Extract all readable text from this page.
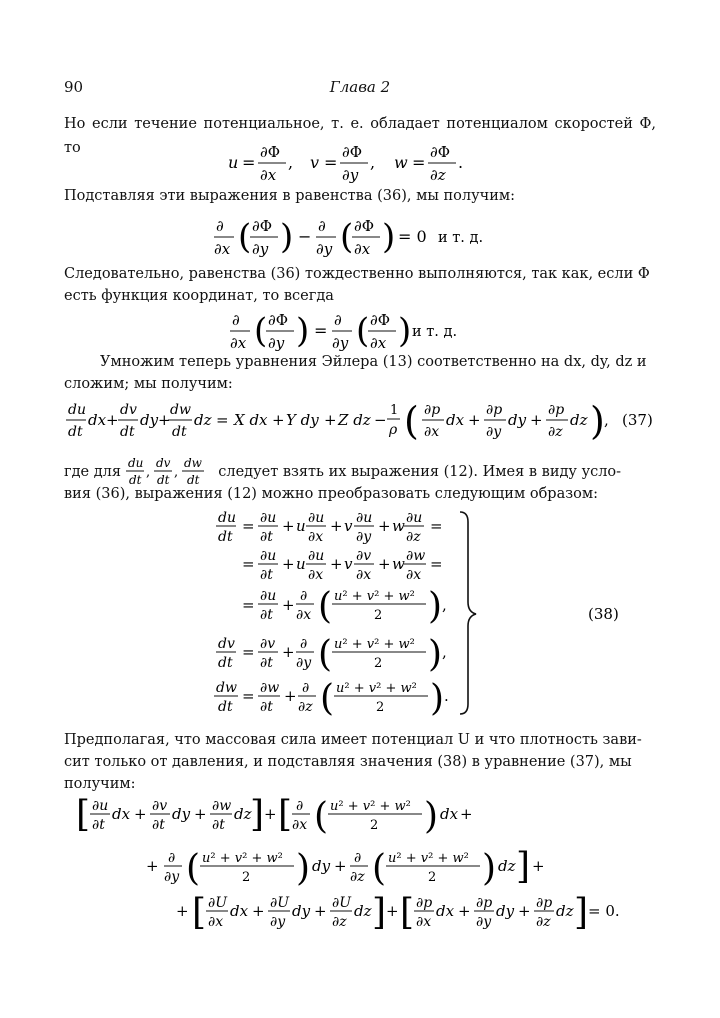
90	Глава 2
Но если течение потенциальное, т. е. обладает потенциалом скоростей Φ, то
u =
∂Φ
∂x
, v =
∂Φ
∂y
, w =
∂Φ
∂z
.
Подставляя эти выражения в равенства (36), мы получим:
∂
∂x ( ∂Φ
∂y ) −
∂
∂y ( ∂Φ
∂x ) = 0 и т. д.
Следовательно, равенства (36) тождественно выполняются, так как, если Φ
есть функция координат, то всегда
∂
∂x ( ∂Φ
∂y ) =
∂
∂y ( ∂Φ
∂x ) и т. д.
Умножим теперь уравнения Эйлера (13) соответственно на dx, dy, dz и
сложим; мы получим:
du
dt
dx +
dv
dt
dy +
dw
dt
dz = X dx + Y dy + Z dz −
1
ρ ( ∂p
∂x
dx +
∂p
∂y
dy +
∂p
∂z
dz ) , (37)
где для
du
dt ,
dv
dt ,
dw
dt следует взять их выражения (12). Имея в виду усло-
вия (36), выражения (12) можно преобразовать следующим образом:
du
dt
= ∂u
∂t
+ u ∂u
∂x
+ v ∂u
∂y
+ w ∂u
∂z
=
= ∂u
∂t
+ u ∂u
∂x
+ v ∂v
∂x
+ w ∂w
∂x
=
= ∂u
∂t
+ ∂
∂x ( u² + v² + w²
2 ) ,
dv
dt
= ∂v
∂t
+ ∂
∂y ( u² + v² + w²
2 ) ,
dw
dt
= ∂w
∂t
+ ∂
∂z ( u² + v² + w²
2 ) .
(38)
Предполагая, что массовая сила имеет потенциал U и что плотность зави-
сит только от давления, и подставляя значения (38) в уравнение (37), мы
получим:
[ ∂u
∂t
dx + ∂v
∂t
dy + ∂w
∂t
dz
] + [ ∂
∂x ( u² + v² + w²
2 ) dx +
+ ∂
∂y ( u² + v² + w²
2 ) dy + ∂
∂z ( u² + v² + w²
2 ) dz ] +
+ [ ∂U
∂x
dx + ∂U
∂y
dy + ∂U
∂z
dz ] + [ ∂p
∂x
dx + ∂p
∂y
dy + ∂p
∂z
dz ] = 0.
